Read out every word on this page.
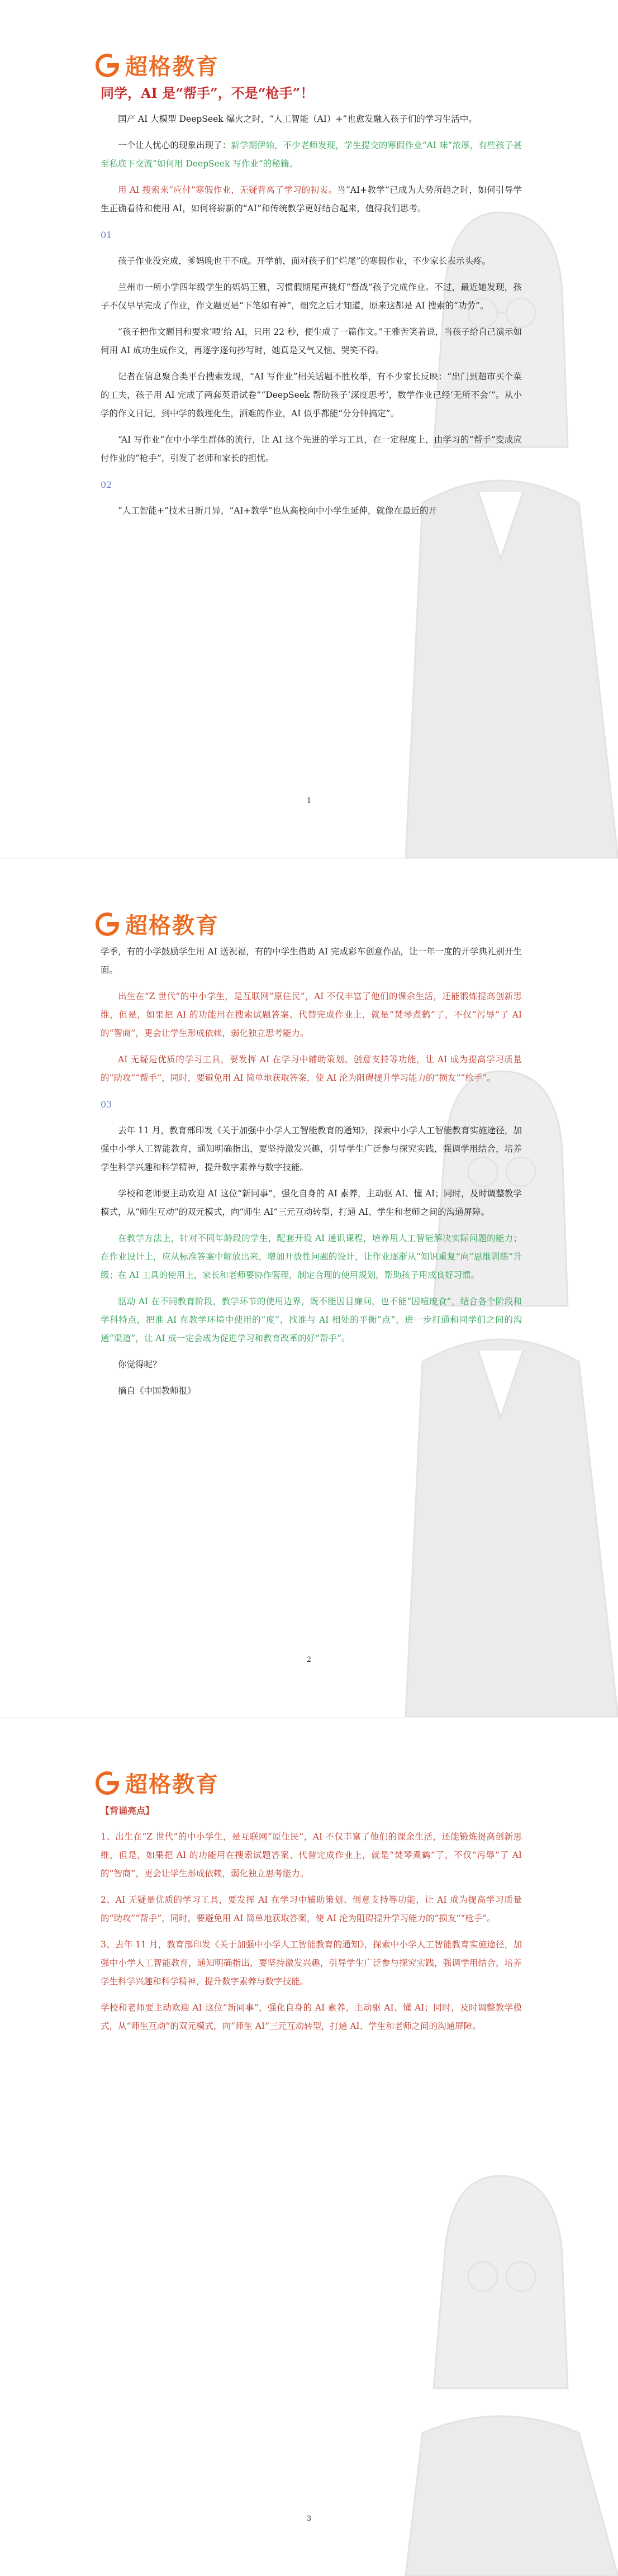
超格教育

同学，AI 是“帮手”，不是“枪手”！

国产 AI 大模型 DeepSeek 爆火之时，“人工智能（AI）+”也愈发融入孩子们的学习生活中。

一个让人忧心的现象出现了：新学期伊始，不少老师发现，学生提交的寒假作业“AI 味”浓厚，有些孩子甚至私底下交流“如何用 DeepSeek 写作业”的秘籍。

用 AI 搜索来“应付”寒假作业，无疑背离了学习的初衷。当“AI+教学”已成为大势所趋之时，如何引导学生正确看待和使用 AI，如何将崭新的“AI”和传统教学更好结合起来，值得我们思考。

01

孩子作业没完成，爹妈晚也干不成。开学前，面对孩子们“烂尾”的寒假作业，不少家长表示头疼。

兰州市一所小学四年级学生的妈妈王雅，习惯假期尾声挑灯“督战”孩子完成作业。不过，最近她发现，孩子不仅早早完成了作业，作文题更是“下笔如有神”，细究之后才知道，原来这都是 AI 搜索的“功劳”。

“孩子把作文题目和要求‘喂’给 AI，只用 22 秒，便生成了一篇作文。”王雅苦笑着说，当孩子给自己演示如何用 AI 成功生成作文，再逐字逐句抄写时，她真是又气又恼、哭笑不得。

记者在信息聚合类平台搜索发现，“AI 写作业”相关话题不胜枚举，有不少家长反映：“出门到超市买个菜的工夫，孩子用 AI 完成了两套英语试卷”“DeepSeek 帮助孩子‘深度思考’，数学作业已经‘无所不会’”。从小学的作文日记，到中学的数理化生，洒难的作业，AI 似乎都能“分分钟搞定”。

“AI 写作业”在中小学生群体的流行，让 AI 这个先进的学习工具，在一定程度上，由学习的“帮手”变成应付作业的“枪手”，引发了老师和家长的担忧。

02

“人工智能+”技术日新月异，“AI+教学”也从高校向中小学生延伸，就像在最近的开

1
超格教育

学季，有的小学鼓励学生用 AI 送祝福，有的中学生借助 AI 完成彩车创意作品，让一年一度的开学典礼别开生面。

出生在“Z 世代”的中小学生，是互联网“原住民”，AI 不仅丰富了他们的课余生活，还能锻炼提高创新思维，但是，如果把 AI 的功能用在搜索试题答案、代替完成作业上，就是“焚琴煮鹤”了，不仅“污辱”了 AI 的“智商”，更会让学生形成依赖，弱化独立思考能力。

AI 无疑是优质的学习工具，要发挥 AI 在学习中辅助策划、创意支持等功能，让 AI 成为提高学习质量的“助攻”“帮手”，同时，要避免用 AI 简单地获取答案，使 AI 沦为阻碍提升学习能力的“损友”“枪手”。

03

去年 11 月，教育部印发《关于加强中小学人工智能教育的通知》，探索中小学人工智能教育实施途径，加强中小学人工智能教育，通知明确指出，要坚持激发兴趣，引导学生广泛参与探究实践，强调学用结合，培养学生科学兴趣和科学精神，提升数字素养与数字技能。

学校和老师要主动欢迎 AI 这位“新同事”，强化自身的 AI 素养，主动驱 AI、懂 AI；同时，及时调整教学模式，从“师生互动”的双元模式，向“师生 AI”三元互动转型，打通 AI、学生和老师之间的沟通屏障。

在教学方法上，针对不同年龄段的学生，配套开设 AI 通识课程，培养用人工智能解决实际问题的能力；在作业设计上，应从标准答案中解放出来，增加开放性问题的设计，让作业逐渐从“知识重复”向“思维训练”升级；在 AI 工具的使用上，家长和老师要协作管理，制定合理的使用规划，帮助孩子用成良好习惯。

驱动 AI 在不同教育阶段，教学环节的使用边界，既不能因目廉问，也不能“因噎废食”，结合各个阶段和学科特点，把准 AI 在教学环境中使用的“度”，找准与 AI 相处的平衡“点”，进一步打通和同学们之间的沟通“渠道”，让 AI 成一定会成为促进学习和教育改革的好“帮手”。

你觉得呢？

摘自《中国教师报》

2
超格教育

【背诵亮点】

1、出生在“Z 世代”的中小学生，是互联网“原住民”，AI 不仅丰富了他们的课余生活，还能锻炼提高创新思维，但是，如果把 AI 的功能用在搜索试题答案、代替完成作业上，就是“焚琴煮鹤”了，不仅“污辱”了 AI 的“智商”，更会让学生形成依赖，弱化独立思考能力。

2、AI 无疑是优质的学习工具，要发挥 AI 在学习中辅助策划、创意支持等功能，让 AI 成为提高学习质量的“助攻”“帮手”，同时，要避免用 AI 简单地获取答案，使 AI 沦为阻碍提升学习能力的“损友”“枪手”。

3、去年 11 月，教育部印发《关于加强中小学人工智能教育的通知》，探索中小学人工智能教育实施途径，加强中小学人工智能教育，通知明确指出，要坚持激发兴趣，引导学生广泛参与探究实践，强调学用结合，培养学生科学兴趣和科学精神，提升数字素养与数字技能。

学校和老师要主动欢迎 AI 这位“新同事”，强化自身的 AI 素养，主动驱 AI、懂 AI；同时，及时调整教学模式，从“师生互动”的双元模式，向“师生 AI”三元互动转型，打通 AI、学生和老师之间的沟通屏障。

3
